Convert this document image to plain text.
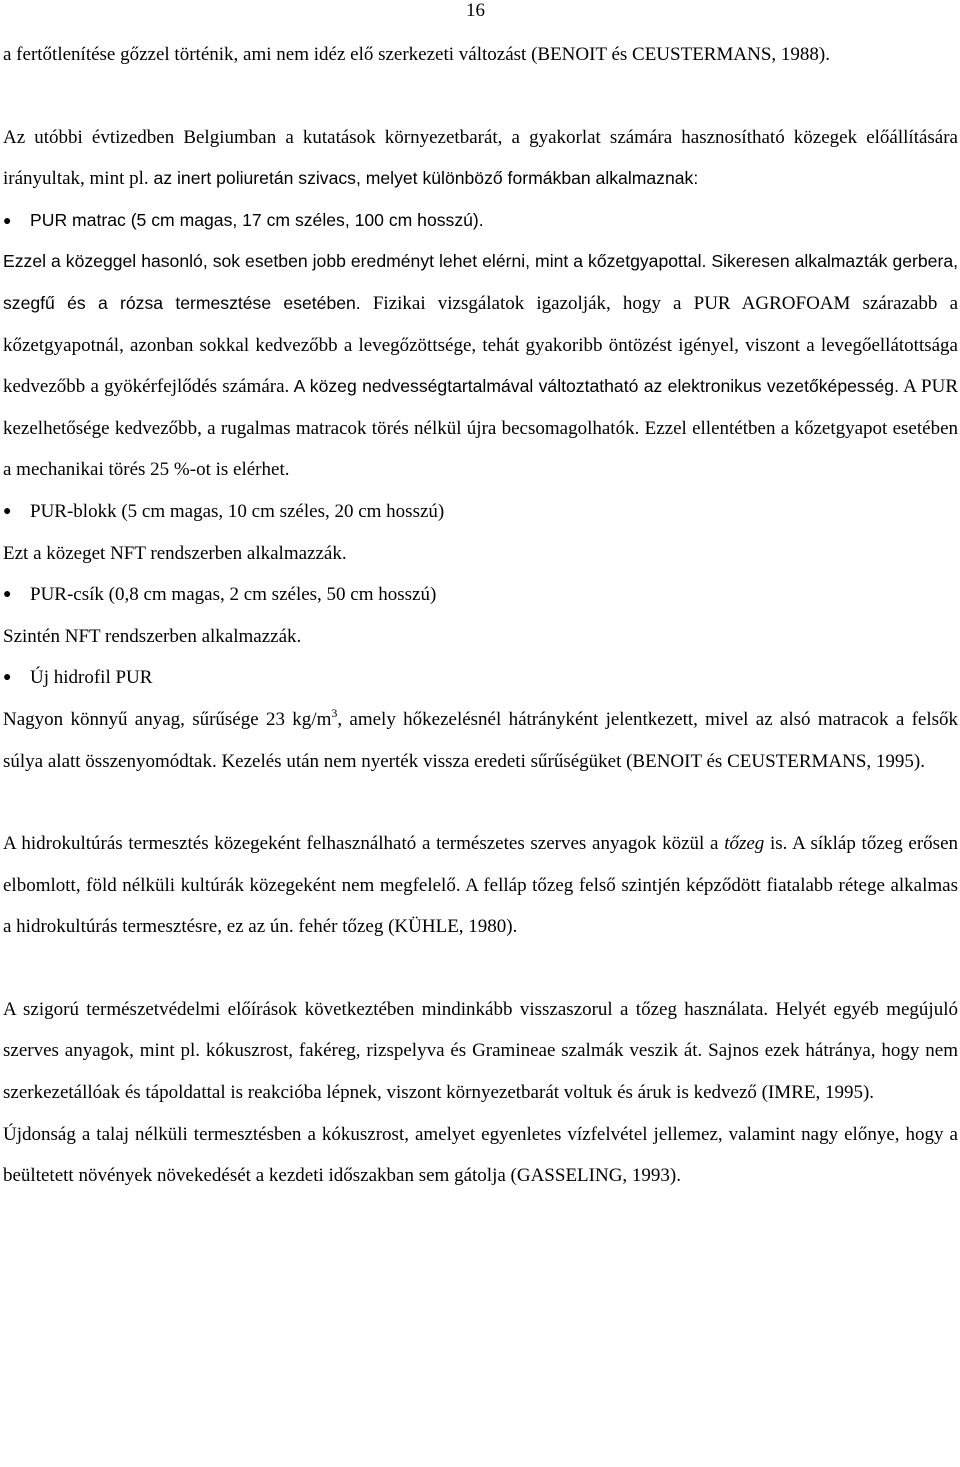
16

a fertőtlenítése gőzzel történik, ami nem idéz elő szerkezeti változást (BENOIT és CEUSTERMANS, 1988).

Az utóbbi évtizedben Belgiumban a kutatások környezetbarát, a gyakorlat számára hasznosítható közegek előállítására irányultak, mint pl. az inert poliuretán szivacs, melyet különböző formákban alkalmaznak:

● PUR matrac (5 cm magas, 17 cm széles, 100 cm hosszú).

Ezzel a közeggel hasonló, sok esetben jobb eredményt lehet elérni, mint a kőzetgyapottal. Sikeresen alkalmazták gerbera, szegfű és a rózsa termesztése esetében. Fizikai vizsgálatok igazolják, hogy a PUR AGROFOAM szárazabb a kőzetgyapotnál, azonban sokkal kedvezőbb a levegőzöttsége, tehát gyakoribb öntözést igényel, viszont a levegőellátottsága kedvezőbb a gyökérfejlődés számára. A közeg nedvességtartalmával változtatható az elektronikus vezetőképesség. A PUR kezelhetősége kedvezőbb, a rugalmas matracok törés nélkül újra becsomagolhatók. Ezzel ellentétben a kőzetgyapot esetében a mechanikai törés 25 %-ot is elérhet.

● PUR-blokk (5 cm magas, 10 cm széles, 20 cm hosszú)

Ezt a közeget NFT rendszerben alkalmazzák.

● PUR-csík (0,8 cm magas, 2 cm széles, 50 cm hosszú)

Szintén NFT rendszerben alkalmazzák.

● Új hidrofil PUR

Nagyon könnyű anyag, sűrűsége 23 $kg/m^3$, amely hőkezelésnél hátrányként jelentkezett, mivel az alsó matracok a felsők súlya alatt összenyomódtak. Kezelés után nem nyerték vissza eredeti sűrűségüket (BENOIT és CEUSTERMANS, 1995).

A hidrokultúrás termesztés közegeként felhasználható a természetes szerves anyagok közül a tőzeg is. A síkláp tőzeg erősen elbomlott, föld nélküli kultúrák közegeként nem megfelelő. A felláp tőzeg felső szintjén képződött fiatalabb rétege alkalmas a hidrokultúrás termesztésre, ez az ún. fehér tőzeg (KÜHLE, 1980).

A szigorú természetvédelmi előírások következtében mindinkább visszaszorul a tőzeg használata. Helyét egyéb megújuló szerves anyagok, mint pl. kókuszrost, fakéreg, rizspelyva és Gramineae szalmák veszik át. Sajnos ezek hátránya, hogy nem szerkezetállóak és tápoldattal is reakcióba lépnek, viszont környezetbarát voltuk és áruk is kedvező (IMRE, 1995).

Újdonság a talaj nélküli termesztésben a kókuszrost, amelyet egyenletes vízfelvétel jellemez, valamint nagy előnye, hogy a beültetett növények növekedését a kezdeti időszakban sem gátolja (GASSELING, 1993).
